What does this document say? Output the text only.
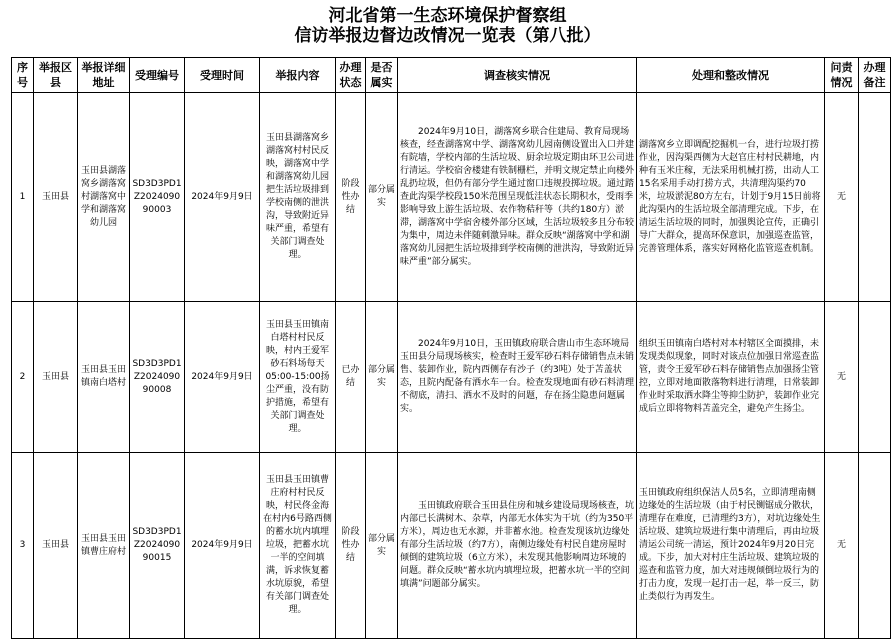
河北省第一生态环境保护督察组
信访举报边督边改情况一览表（第八批）
序号	举报区县	举报详细地址	受理编号	受理时间	举报内容	办理状态	是否属实	调查核实情况	处理和整改情况	问责情况	办理备注
1	玉田县	玉田县湖落窝乡湖落窝村湖落窝中学和湖落窝幼儿园	SD3D3PD1Z202409090003	2024年9月9日	玉田县湖落窝乡湖落窝村村民反映，湖落窝中学和湖落窝幼儿园把生活垃圾排到学校南侧的泄洪沟，导致附近异味严重，希望有关部门调查处理。	阶段性办结	部分属实	2024年9月10日，湖落窝乡联合住建局、教育局现场核查，经查湖落窝中学、湖落窝幼儿园南侧设置出入口并建有院墙，学校内部的生活垃圾、厨余垃圾定期由环卫公司进行清运。学校宿舍楼建有铁制栅栏，并明文规定禁止向楼外乱扔垃圾，但仍有部分学生通过窗口违规投掷垃圾。通过踏查此沟渠学校段150米范围呈现低洼状态长期积水，受雨季影响导致上游生活垃圾、农作物秸秆等（共约180方）淤滞，湖落窝中学宿舍楼外部分区域，生活垃圾较多且分布较为集中，周边未伴随刺激异味。群众反映“湖落窝中学和湖落窝幼儿园把生活垃圾排到学校南侧的泄洪沟，导致附近异味严重”部分属实。	湖落窝乡立即调配挖掘机一台，进行垃圾打捞作业，因沟渠西侧为大赵官庄村村民耕地，内种有玉米庄稼，无法采用机械打捞，出动人工15名采用手动打捞方式，共清理沟渠约70米，垃圾淤泥80方左右，计划于9月15日前将此沟渠内的生活垃圾全部清理完成。下步，在清运生活垃圾的同时，加强舆论宣传，正确引导广大群众，提高环保意识，加强巡查监管，完善管理体系，落实好网格化监管巡查机制。	无	
2	玉田县	玉田县玉田镇南白塔村	SD3D3PD1Z202409090008	2024年9月9日	玉田县玉田镇南白塔村村民反映，村内王爱军砂石料场每天05:00-15:00扬尘严重，没有防护措施，希望有关部门调查处理。	已办结	部分属实	2024年9月10日，玉田镇政府联合唐山市生态环境局玉田县分局现场核实，检查时王爱军砂石料存储销售点未销售、装卸作业，院内西侧存有沙子（约3吨）处于苫盖状态，且院内配备有洒水车一台。检查发现地面有砂石料清理不彻底，清扫、洒水不及时的问题，存在扬尘隐患问题属实。	组织玉田镇南白塔村对本村辖区全面摸排，未发现类似现象，同时对该点位加强日常巡查监管，责令王爱军砂石料存储销售点加强扬尘管控，立即对地面散落物料进行清理，日常装卸作业时采取洒水降尘等抑尘防护，装卸作业完成后立即将物料苫盖完全，避免产生扬尘。	无	
3	玉田县	玉田县玉田镇曹庄府村	SD3D3PD1Z202409090015	2024年9月9日	玉田县玉田镇曹庄府村村民反映，村民佟金海在村内6号路西侧的蓄水坑内填埋垃圾，把蓄水坑一半的空间填满，诉求恢复蓄水坑原貌，希望有关部门调查处理。	阶段性办结	部分属实	玉田镇政府联合玉田县住房和城乡建设局现场核查，坑内部已长满树木、杂草，内部无水体实为干坑（约为350平方米），周边也无水源，并非蓄水池。检查发现该坑边缘处有部分生活垃圾（约7方），南侧边缘处有村民自建房屋时倾倒的建筑垃圾（6立方米），未发现其他影响周边环境的问题。群众反映“蓄水坑内填埋垃圾，把蓄水坑一半的空间填满”问题部分属实。	玉田镇政府组织保洁人员5名，立即清理南侧边缘处的生活垃圾（由于村民铡锯成分散状，清理存在难度，已清理约3方），对坑边缘处生活垃圾、建筑垃圾进行集中清理后，再由垃圾清运公司统一清运，预计2024年9月20日完成。下步，加大对村庄生活垃圾、建筑垃圾的巡查和监管力度，加大对违规倾倒垃圾行为的打击力度，发现一起打击一起，举一反三，防止类似行为再发生。	无	
